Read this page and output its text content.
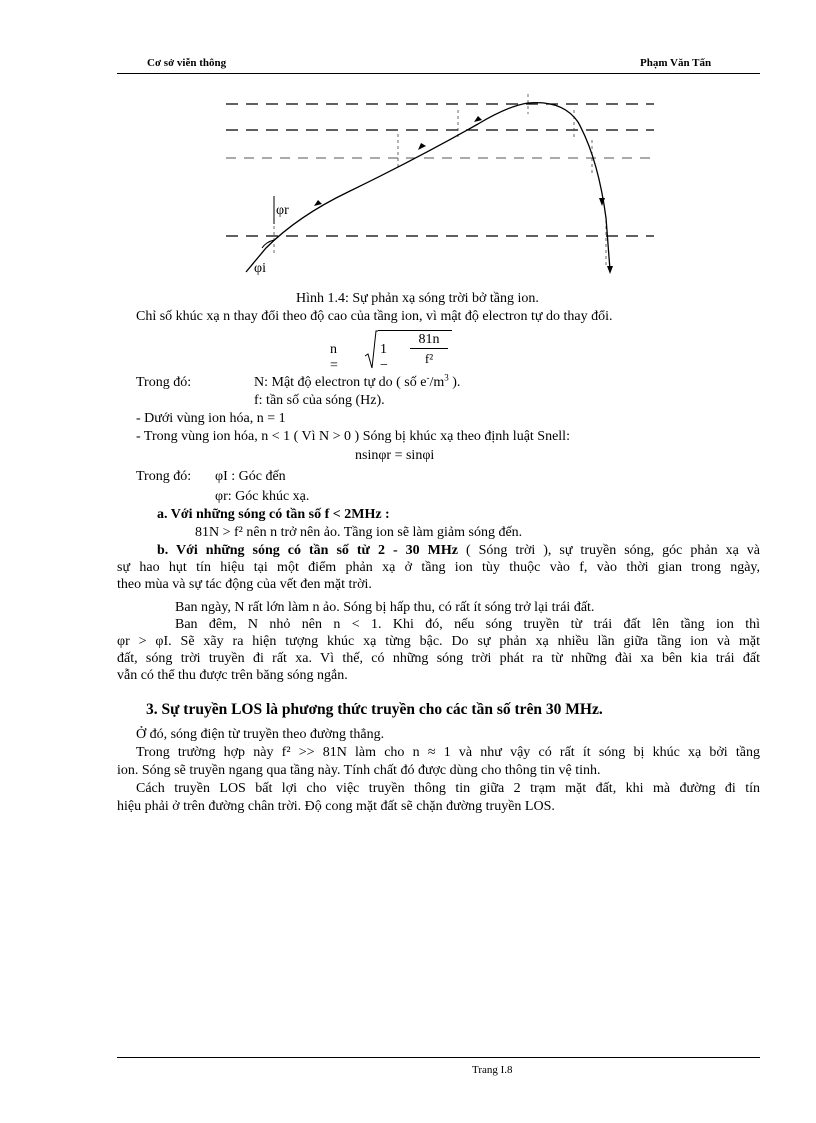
Cơ sở viễn thông	Phạm Văn Tấn
φr
φi
Hình 1.4: Sự phản xạ sóng trời bở tầng ion.
Chỉ số khúc xạ n thay đổi theo độ cao của tầng ion, vì mật độ electron tự do thay đổi.
n =
1 −
81n
f²
Trong đó:	N: Mật độ electron tự do ( số $e^-/m^3$ ).
f: tần số của sóng (Hz).
- Dưới vùng ion hóa, n = 1
- Trong vùng ion hóa, n < 1 ( Vì N > 0 ) Sóng bị khúc xạ theo định luật Snell:
nsinφr = sinφi
Trong đó: φI : Góc đến
φr: Góc khúc xạ.
a. Với những sóng có tần số f < 2MHz :
81N > f² nên n trở nên ảo. Tầng ion sẽ làm giảm sóng đến.
b. Với những sóng có tần số từ 2 - 30 MHz ( Sóng trời ), sự truyền sóng, góc phản xạ và
sự hao hụt tín hiệu tại một điểm phản xạ ở tầng ion tùy thuộc vào f, vào thời gian trong ngày,
theo mùa và sự tác động của vết đen mặt trời.
Ban ngày, N rất lớn làm n ảo. Sóng bị hấp thu, có rất ít sóng trở lại trái đất.
Ban đêm, N nhỏ nên n < 1. Khi đó, nếu sóng truyền từ trái đất lên tầng ion thì
φr > φI. Sẽ xãy ra hiện tượng khúc xạ từng bậc. Do sự phản xạ nhiều lần giữa tầng ion và mặt
đất, sóng trời truyền đi rất xa. Vì thế, có những sóng trời phát ra từ những đài xa bên kia trái đất
vẫn có thể thu được trên băng sóng ngắn.
3. Sự truyền LOS là phương thức truyền cho các tần số trên 30 MHz.
Ở đó, sóng điện từ truyền theo đường thẳng.
Trong trường hợp này f² >> 81N làm cho n ≈ 1 và như vậy có rất ít sóng bị khúc xạ bởi tầng
ion. Sóng sẽ truyền ngang qua tầng này. Tính chất đó được dùng cho thông tin vệ tinh.
Cách truyền LOS bất lợi cho việc truyền thông tin giữa 2 trạm mặt đất, khi mà đường đi tín
hiệu phải ở trên đường chân trời. Độ cong mặt đất sẽ chặn đường truyền LOS.
Trang I.8
